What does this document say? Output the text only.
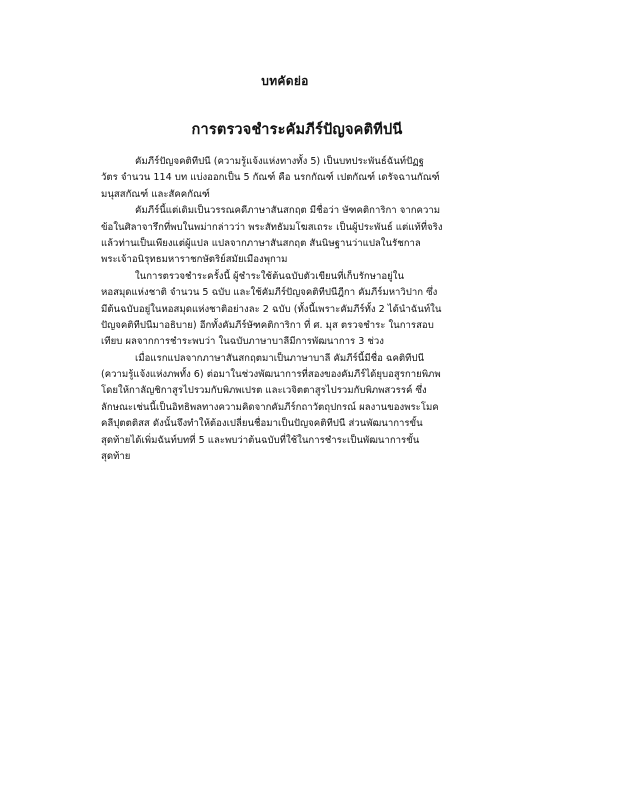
บทคัดย่อ
การตรวจชำระคัมภีร์ปัญจคติทีปนี
คัมภีร์ปัญจคติทีปนี (ความรู้แจ้งแห่งทางทั้ง 5) เป็นบทประพันธ์ฉันท์ปัฏฐ
วัตร จำนวน 114 บท แบ่งออกเป็น 5 กัณฑ์ คือ นรกกัณฑ์ เปตกัณฑ์ เดรัจฉานกัณฑ์
มนุสสกัณฑ์ และสัคคกัณฑ์
คัมภีร์นี้แต่เดิมเป็นวรรณคดีภาษาสันสกฤต มีชื่อว่า ษัฑคติการิกา จากความ
ข้อในศิลาจารึกที่พบในพม่ากล่าวว่า พระสัทธัมมโฆสเถระ เป็นผู้ประพันธ์ แต่แท้ที่จริง
แล้วท่านเป็นเพียงแต่ผู้แปล แปลจากภาษาสันสกฤต สันนิษฐานว่าแปลในรัชกาล
พระเจ้าอนิรุทธมหาราชกษัตริย์สมัยเมืองพุกาม
ในการตรวจชำระครั้งนี้ ผู้ชำระใช้ต้นฉบับตัวเขียนที่เก็บรักษาอยู่ใน
หอสมุดแห่งชาติ จำนวน 5 ฉบับ และใช้คัมภีร์ปัญจคติทีปนีฎีกา คัมภีร์มหาวิปาก ซึ่ง
มีต้นฉบับอยู่ในหอสมุดแห่งชาติอย่างละ 2 ฉบับ (ทั้งนี้เพราะคัมภีร์ทั้ง 2 ได้นำฉันท์ใน
ปัญจคติทีปนีมาอธิบาย) อีกทั้งคัมภีร์ษัฑคติการิกา ที่ ศ. มุส ตรวจชำระ ในการสอบ
เทียบ ผลจากการชำระพบว่า ในฉบับภาษาบาลีมีการพัฒนาการ 3 ช่วง
เมื่อแรกแปลจากภาษาสันสกฤตมาเป็นภาษาบาลี คัมภีร์นี้มีชื่อ ฉคติทีปนี
(ความรู้แจ้งแห่งภพทั้ง 6) ต่อมาในช่วงพัฒนาการที่สองของคัมภีร์ได้ยุบอสูรกายพิภพ
โดยให้กาลัญชิกาสูรไปรวมกับพิภพเปรต และเวจิตตาสูรไปรวมกับพิภพสวรรค์ ซึ่ง
ลักษณะเช่นนี้เป็นอิทธิพลทางความคิดจากคัมภีร์กถาวัตถุปกรณ์ ผลงานของพระโมค
คลีปุตตติสส ดังนั้นจึงทำให้ต้องเปลี่ยนชื่อมาเป็นปัญจคติทีปนี ส่วนพัฒนาการขั้น
สุดท้ายได้เพิ่มฉันท์บทที่ 5 และพบว่าต้นฉบับที่ใช้ในการชำระเป็นพัฒนาการขั้น
สุดท้าย
